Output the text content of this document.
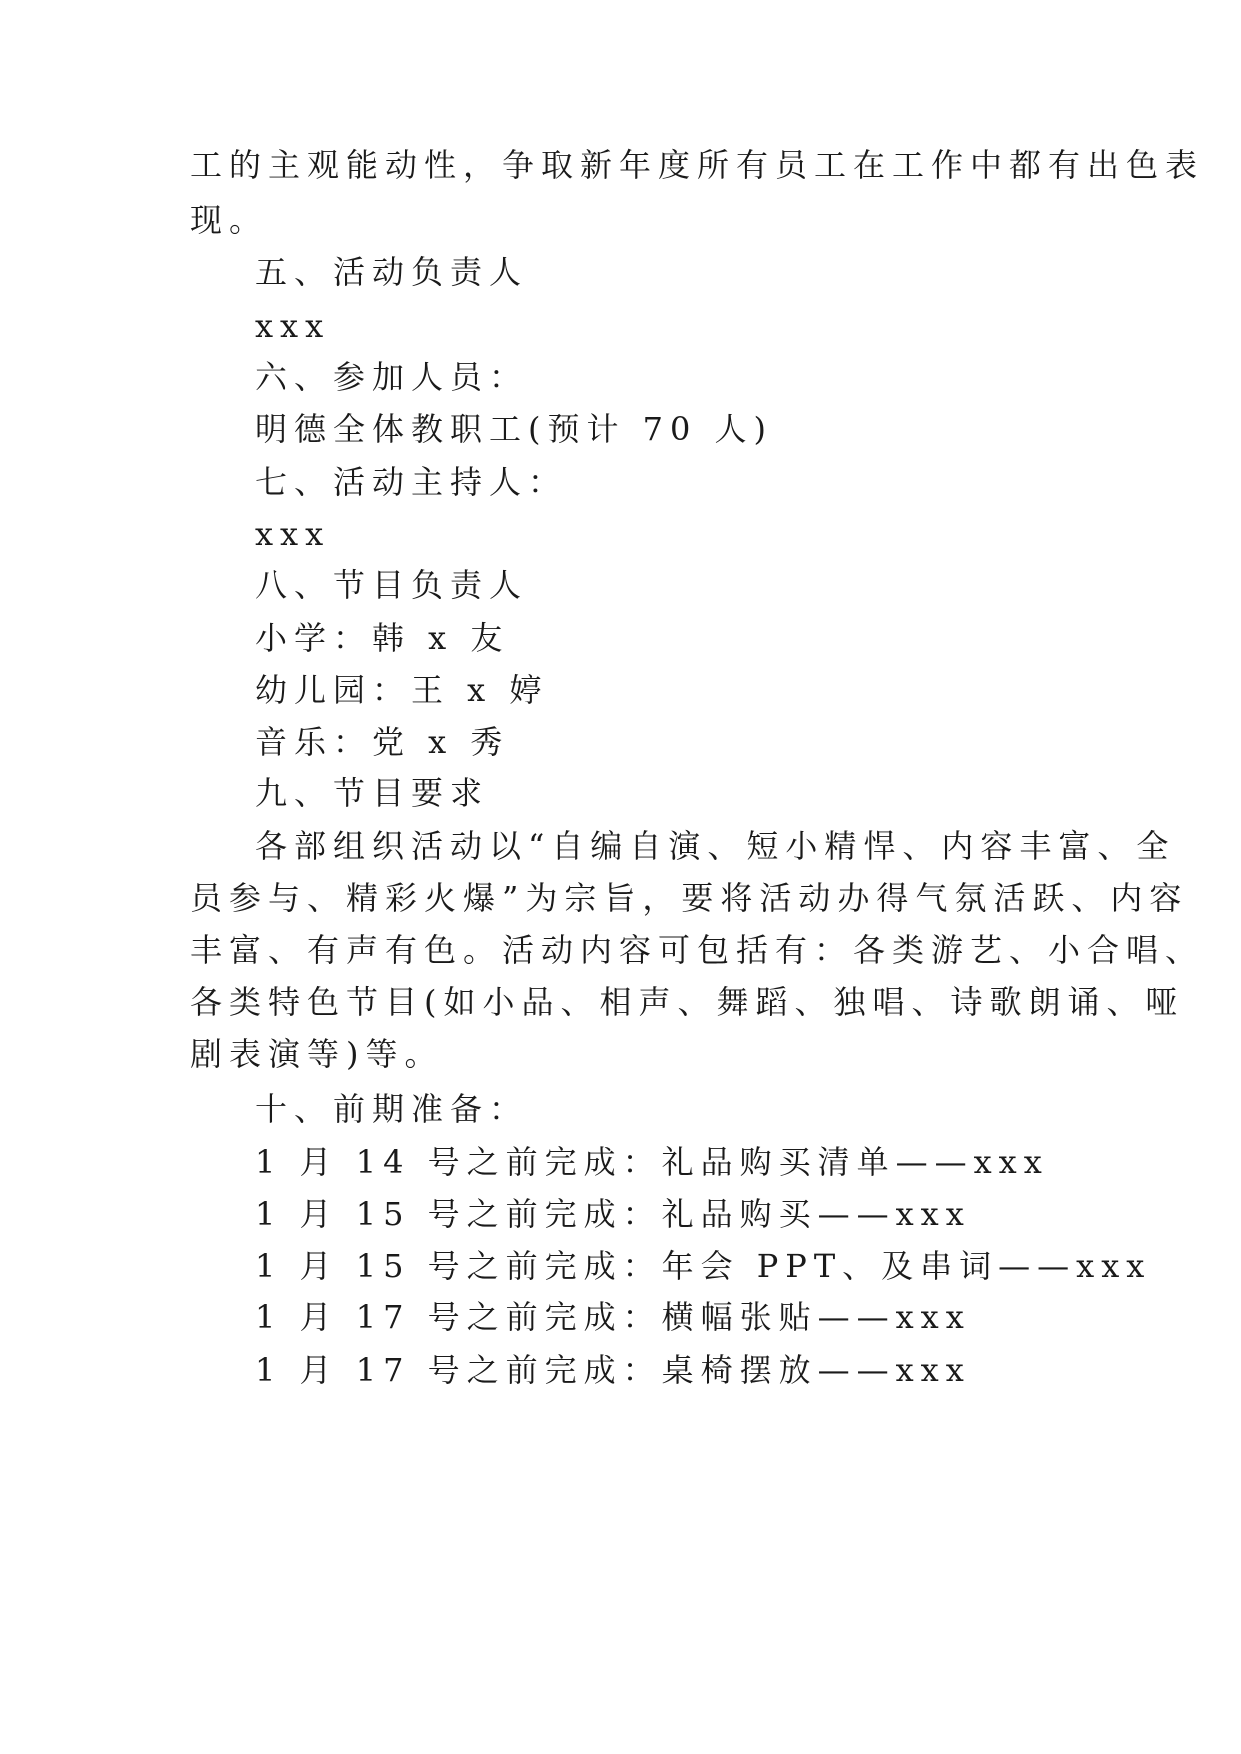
工的主观能动性，争取新年度所有员工在工作中都有出色表
现。
五、活动负责人
xxx
六、参加人员：
明德全体教职工(预计 70 人)
七、活动主持人：
xxx
八、节目负责人
小学：韩 x 友
幼儿园：王 x 婷
音乐：党 x 秀
九、节目要求
各部组织活动以“自编自演、短小精悍、内容丰富、全
员参与、精彩火爆”为宗旨，要将活动办得气氛活跃、内容
丰富、有声有色。活动内容可包括有：各类游艺、小合唱、
各类特色节目(如小品、相声、舞蹈、独唱、诗歌朗诵、哑
剧表演等)等。
十、前期准备：
1 月 14 号之前完成：礼品购买清单——xxx
1 月 15 号之前完成：礼品购买——xxx
1 月 15 号之前完成：年会 PPT、及串词——xxx
1 月 17 号之前完成：横幅张贴——xxx
1 月 17 号之前完成：桌椅摆放——xxx
